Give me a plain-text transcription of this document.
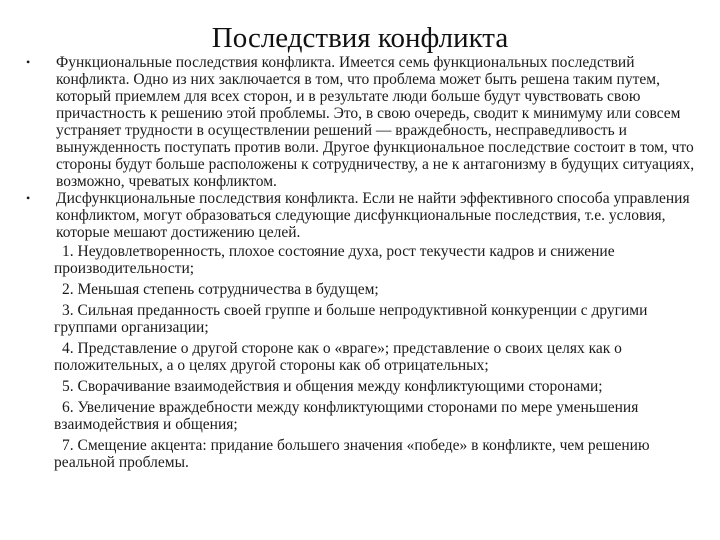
Последствия конфликта
•	Функциональные последствия конфликта. Имеется семь функциональных последствий конфликта. Одно из них заключается в том, что проблема может быть решена таким путем, который приемлем для всех сторон, и в результате люди больше будут чувствовать свою причастность к решению этой проблемы. Это, в свою очередь, сводит к минимуму или совсем устраняет трудности в осуществлении решений — враждебность, несправедливость и вынужденность поступать против воли. Другое функциональное последствие состоит в том, что стороны будут больше расположены к сотрудничеству, а не к антагонизму в будущих ситуациях, возможно, чреватых конфликтом.
•	Дисфункциональные последствия конфликта. Если не найти эффективного способа управления конфликтом, могут образоваться следующие дисфункциональные последствия, т.е. условия, которые мешают достижению целей.
1. Неудовлетворенность, плохое состояние духа, рост текучести кадров и снижение производительности;
2. Меньшая степень сотрудничества в будущем;
3. Сильная преданность своей группе и больше непродуктивной конкуренции с другими группами организации;
4. Представление о другой стороне как о «враге»; представление о своих целях как о положительных, а о целях другой стороны как об отрицательных;
5. Сворачивание взаимодействия и общения между конфликтующими сторонами;
6. Увеличение враждебности между конфликтующими сторонами по мере уменьшения взаимодействия и общения;
7. Смещение акцента: придание большего значения «победе» в конфликте, чем решению реальной проблемы.
